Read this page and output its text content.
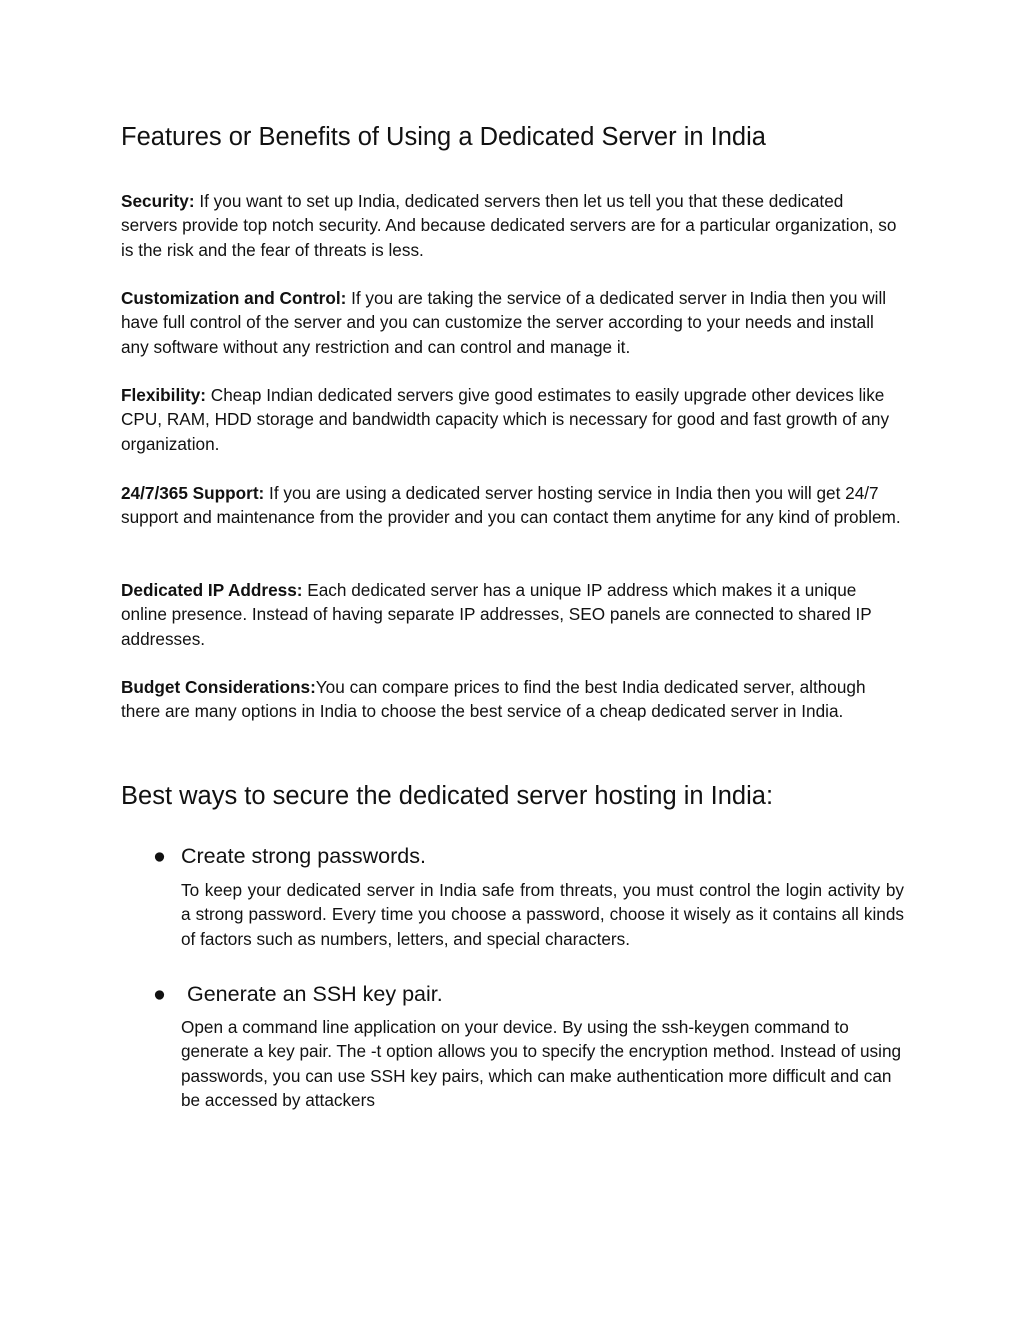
Features or Benefits of Using a Dedicated Server in India

Security: If you want to set up India, dedicated servers then let us tell you that these dedicated servers provide top notch security. And because dedicated servers are for a particular organization, so is the risk and the fear of threats is less.

Customization and Control: If you are taking the service of a dedicated server in India then you will have full control of the server and you can customize the server according to your needs and install any software without any restriction and can control and manage it.

Flexibility: Cheap Indian dedicated servers give good estimates to easily upgrade other devices like CPU, RAM, HDD storage and bandwidth capacity which is necessary for good and fast growth of any organization.

24/7/365 Support: If you are using a dedicated server hosting service in India then you will get 24/7 support and maintenance from the provider and you can contact them anytime for any kind of problem.

Dedicated IP Address: Each dedicated server has a unique IP address which makes it a unique online presence. Instead of having separate IP addresses, SEO panels are connected to shared IP addresses.

Budget Considerations:You can compare prices to find the best India dedicated server, although there are many options in India to choose the best service of a cheap dedicated server in India.

Best ways to secure the dedicated server hosting in India:
● Create strong passwords.

To keep your dedicated server in India safe from threats, you must control the login activity by a strong password. Every time you choose a password, choose it wisely as it contains all kinds of factors such as numbers, letters, and special characters.

● Generate an SSH key pair.

Open a command line application on your device. By using the ssh-keygen command to generate a key pair. The -t option allows you to specify the encryption method. Instead of using passwords, you can use SSH key pairs, which can make authentication more difficult and can be accessed by attackers
